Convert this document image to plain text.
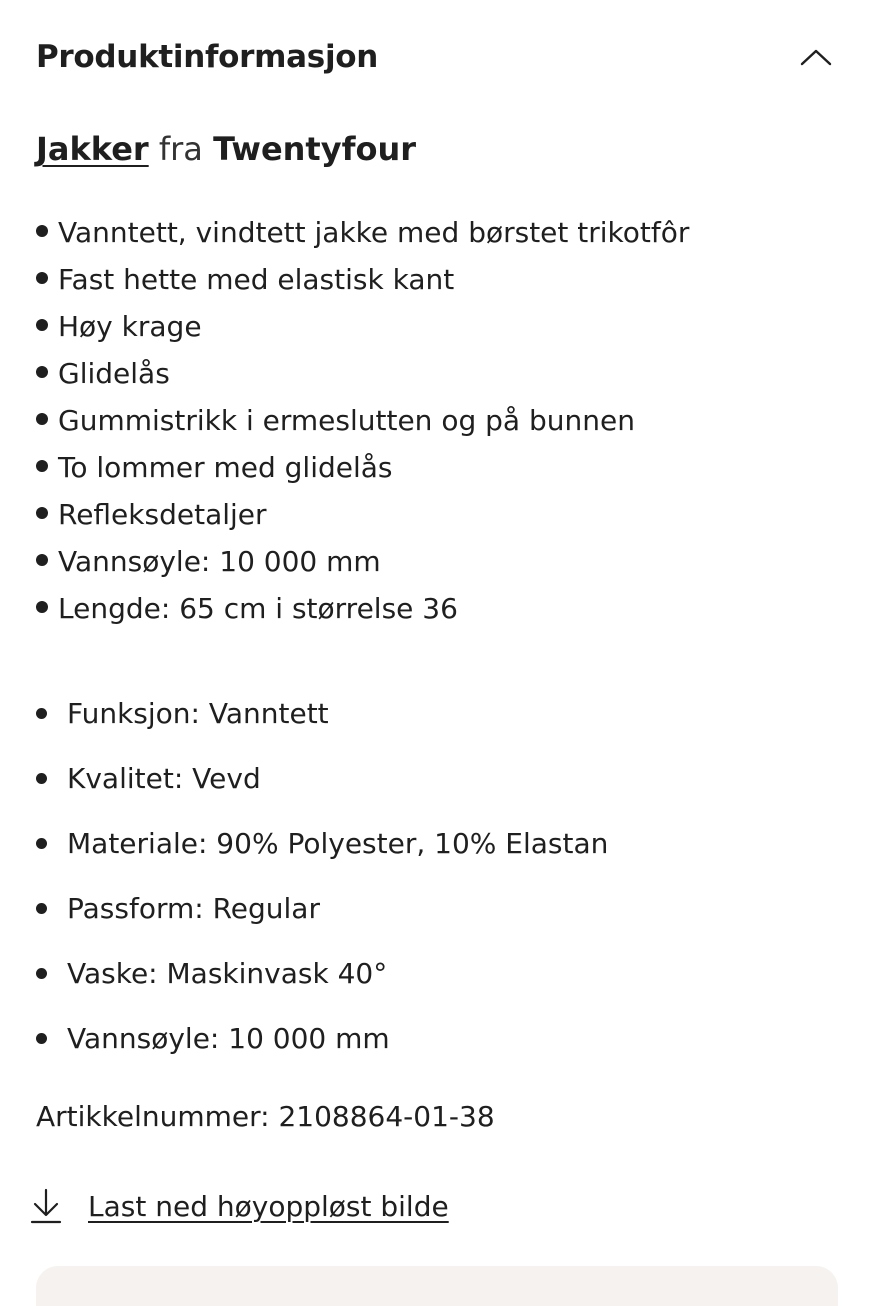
Produktinformasjon
Jakker fra Twentyfour
Vanntett, vindtett jakke med børstet trikotfôr
Fast hette med elastisk kant
Høy krage
Glidelås
Gummistrikk i ermeslutten og på bunnen
To lommer med glidelås
Refleksdetaljer
Vannsøyle: 10 000 mm
Lengde: 65 cm i størrelse 36
Funksjon: Vanntett
Kvalitet: Vevd
Materiale: 90% Polyester, 10% Elastan
Passform: Regular
Vaske: Maskinvask 40°
Vannsøyle: 10 000 mm
Artikkelnummer: 2108864-01-38
Last ned høyoppløst bilde
